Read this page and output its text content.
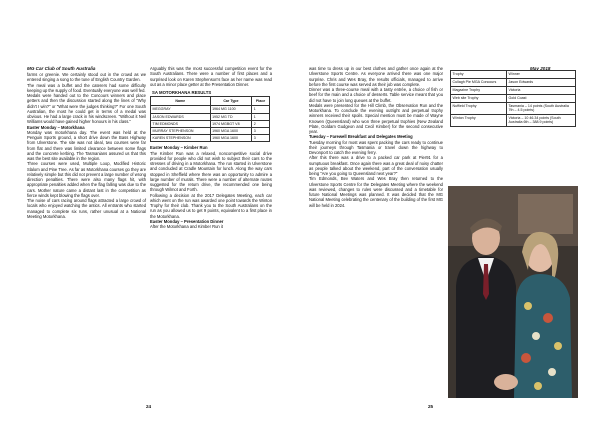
MG Car Club of South Australia	May 2018

farms or greenie. We certainly stood out in the crowd as we entered singing a song to the tune of English Country Garden.

The meal was a buffet and the caterers had some difficulty keeping up the supply of food. Eventually everyone was well fed.

Medals were handed out to the Concours winners and place getters and then the discussion started along the lines of "Why didn't I win?" or "What were the judges thinking?" For one South Australian, the most he could get in terms of a medal was obvious. He had a large crack in his windscreen. "Without it Neil Williams would have gained higher honours in his class."

Easter Monday – Motorkhana

Monday was motorkhana day. The event was held at the Penguin Sports ground, a short drive down the Bass Highway from Ulverstone. The site was not ideal, two courses were far from flat and there was limited clearance between some flags and the concrete kerbing. The Tasmanians assured us that this was the best site available in the region.

Three courses were used, Multiple Loop, Modified Historic Slalom and Pine Tree. As far as Motorkhana courses go they are relatively simple but this did not prevent a large number of wrong direction penalties. There were also many flags hit, with appropriate penalties added when the flag falling was due to the cars. Mother nature came a distant last in the competition as fierce winds kept blowing the flags over.

The noise of cars racing around flags attracted a large crowd of locals who enjoyed watching the antics. All entrants who started managed to complete six runs, rather unusual at a National Meeting Motorkhana.

Arguably this was the most successful competition event for the South Australians. There were a number of first places and a surprised look on Karen Stephenson's face as her name was read out as a minor place getter at the Presentation Dinner.

SA MOTORKHANA RESULTS
Name	Car Type	Place
MEGGRAY	1964 MG 1100	1
JASON EDWARDS	1952 MG TD	1
TIM EDMONDS	1974 MGBGT V8	2
MURRAY STEPHENSON	1960 MGA 1600	3
KAREN STEPHENSON	1960 MGA 1600	3

Easter Monday – Kimber Run

The Kimber Run was a relaxed, noncompetitive social drive provided for people who did not wish to subject their cars to the stresses of driving in a Motorkhana. The run started in Ulverstone and concluded at Cradle Mountain for lunch. Along the way cars stopped in Sheffield where there was an opportunity to admire a large number of murals. There were a number of alternate routes suggested for the return drive, the recommended one being through Wilmot and Forth.

Following a decision at the 2017 Delegates Meeting, each car which went on the run was awarded one point towards the Winton Trophy for their club. Thank you to the South Australians on the run as you allowed us to get 9 points, equivalent to a first place in the Motorkhana.

Easter Monday – Presentation Dinner

After the Motorkhana and Kimber Run it

was time to dress up in our best clothes and gather once again at the Ulverstone Sports Centre. As everyone arrived there was one major surprise. Chris and Wes Bray, the results officials, managed to arrive before the first course was served as their job was complete.

Dinner was a three-course meal with a tasty entrée, a choice of fish or beef for the main and a choice of desserts. Table service meant that you did not have to join long queues at the buffet.

Medals were presented for the Hill Climb, the Observation Run and the Motorkhana. To conclude the evening outright and perpetual trophy winners received their spoils. Special mention must be made of Wayne Knowen (Queensland) who won three perpetual trophies (New Zealand Plate, Goldam Gudgeon and Cecil Kimber) for the second consecutive year.

Tuesday – Farewell Breakfast and Delegates Meeting

Tuesday morning for most was spent packing the cars ready to continue their journeys through Tasmania or travel down the highway to Devonport to catch the evening ferry.

After this there was a drive to a packed car park at Pier91 for a sumptuous breakfast. Once again there was a great deal of noisy chatter as people talked about the weekend, part of the conversation usually being "Are you going to Queensland next year?"

Tim Edmonds, Bev Waters and Wes Bray then returned to the Ulverstone Sports Centre for the Delegates Meeting where the weekend was reviewed, changes to rules were discussed and a timetable for future National Meetings was planned. It was decided that the MG National Meeting celebrating the centenary of the building of the first MG will be held in 2024.

Trophy	Winner
Cullagh Pie MGA Concours	Jason Edwards
Magazine Trophy	Victoria
Web site Trophy	Gold Coast
Nuffield Trophy	Tasmania – 14 points (South Australia 7th – 4.5 points)
Winton Trophy	Victoria – 10 46.34 points (South Australia 6th – 388.9 points)
24	25
